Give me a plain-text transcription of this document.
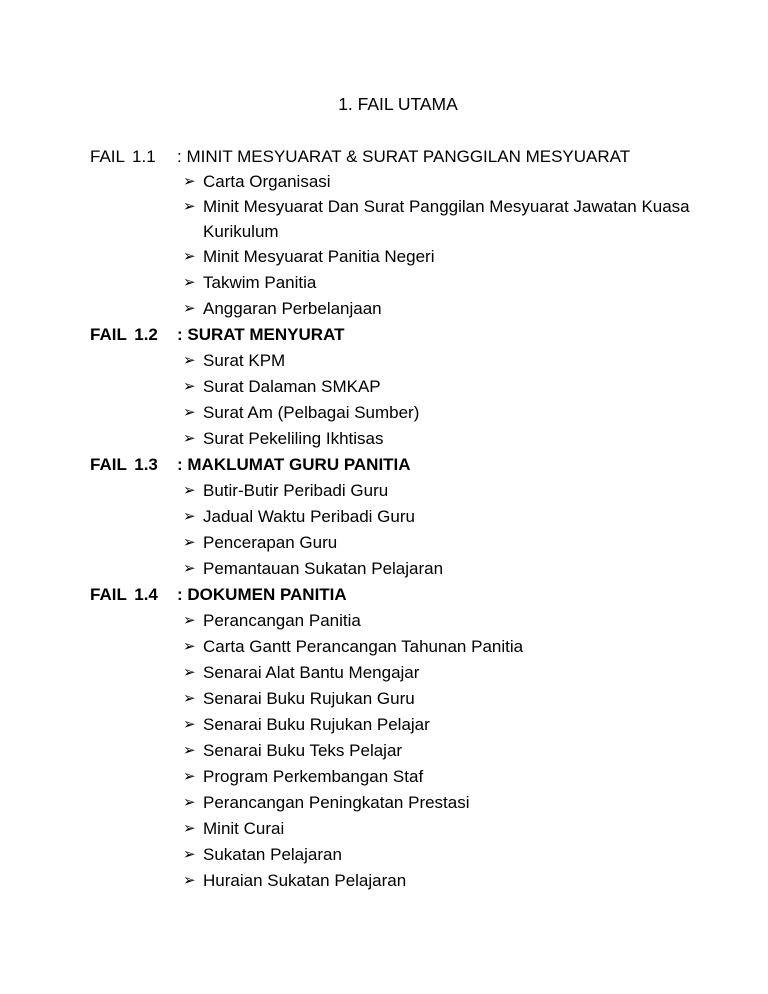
1. FAIL UTAMA
FAIL 1.1	: MINIT MESYUARAT & SURAT PANGGILAN MESYUARAT
➢ Carta Organisasi
➢ Minit Mesyuarat Dan Surat Panggilan Mesyuarat Jawatan Kuasa Kurikulum
➢ Minit Mesyuarat Panitia Negeri
➢ Takwim Panitia
➢ Anggaran Perbelanjaan
FAIL 1.2	: SURAT MENYURAT
➢ Surat KPM
➢ Surat Dalaman SMKAP
➢ Surat Am (Pelbagai Sumber)
➢ Surat Pekeliling Ikhtisas
FAIL 1.3	: MAKLUMAT GURU PANITIA
➢ Butir-Butir Peribadi Guru
➢ Jadual Waktu Peribadi Guru
➢ Pencerapan Guru
➢ Pemantauan Sukatan Pelajaran
FAIL 1.4	: DOKUMEN PANITIA
➢ Perancangan Panitia
➢ Carta Gantt Perancangan Tahunan Panitia
➢ Senarai Alat Bantu Mengajar
➢ Senarai Buku Rujukan Guru
➢ Senarai Buku Rujukan Pelajar
➢ Senarai Buku Teks Pelajar
➢ Program Perkembangan Staf
➢ Perancangan Peningkatan Prestasi
➢ Minit Curai
➢ Sukatan Pelajaran
➢ Huraian Sukatan Pelajaran
